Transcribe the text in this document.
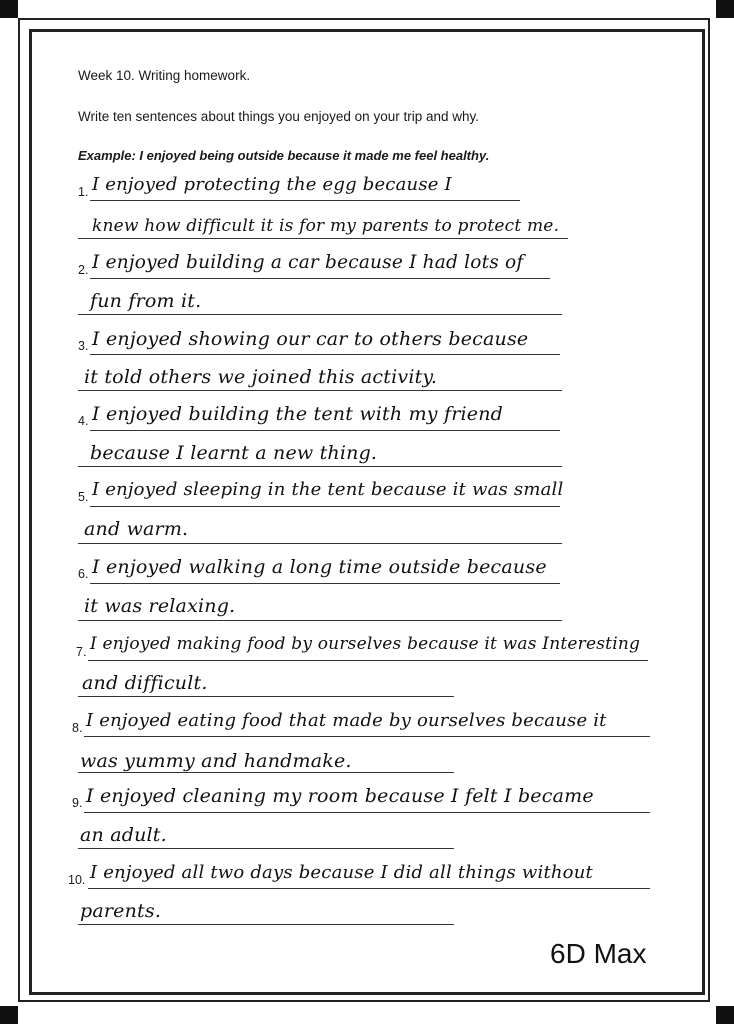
Week 10. Writing homework.
Write ten sentences about things you enjoyed on your trip and why.
Example: I enjoyed being outside because it made me feel healthy.
1. I enjoyed protecting the egg because I
knew how difficult it is for my parents to protect me.
2. I enjoyed building a car because I had lots of
fun from it.
3. I enjoyed showing our car to others because
it told others we joined this activity.
4. I enjoyed building the tent with my friend
because I learnt a new thing.
5. I enjoyed sleeping in the tent because it was small
and warm.
6. I enjoyed walking a long time outside because
it was relaxing.
7. I enjoyed making food by ourselves because it was Interesting
and difficult.
8. I enjoyed eating food that made by ourselves because it
was yummy and handmake.
9. I enjoyed cleaning my room because I felt I became
an adult.
10. I enjoyed all two days because I did all things without
parents.
6D Max
